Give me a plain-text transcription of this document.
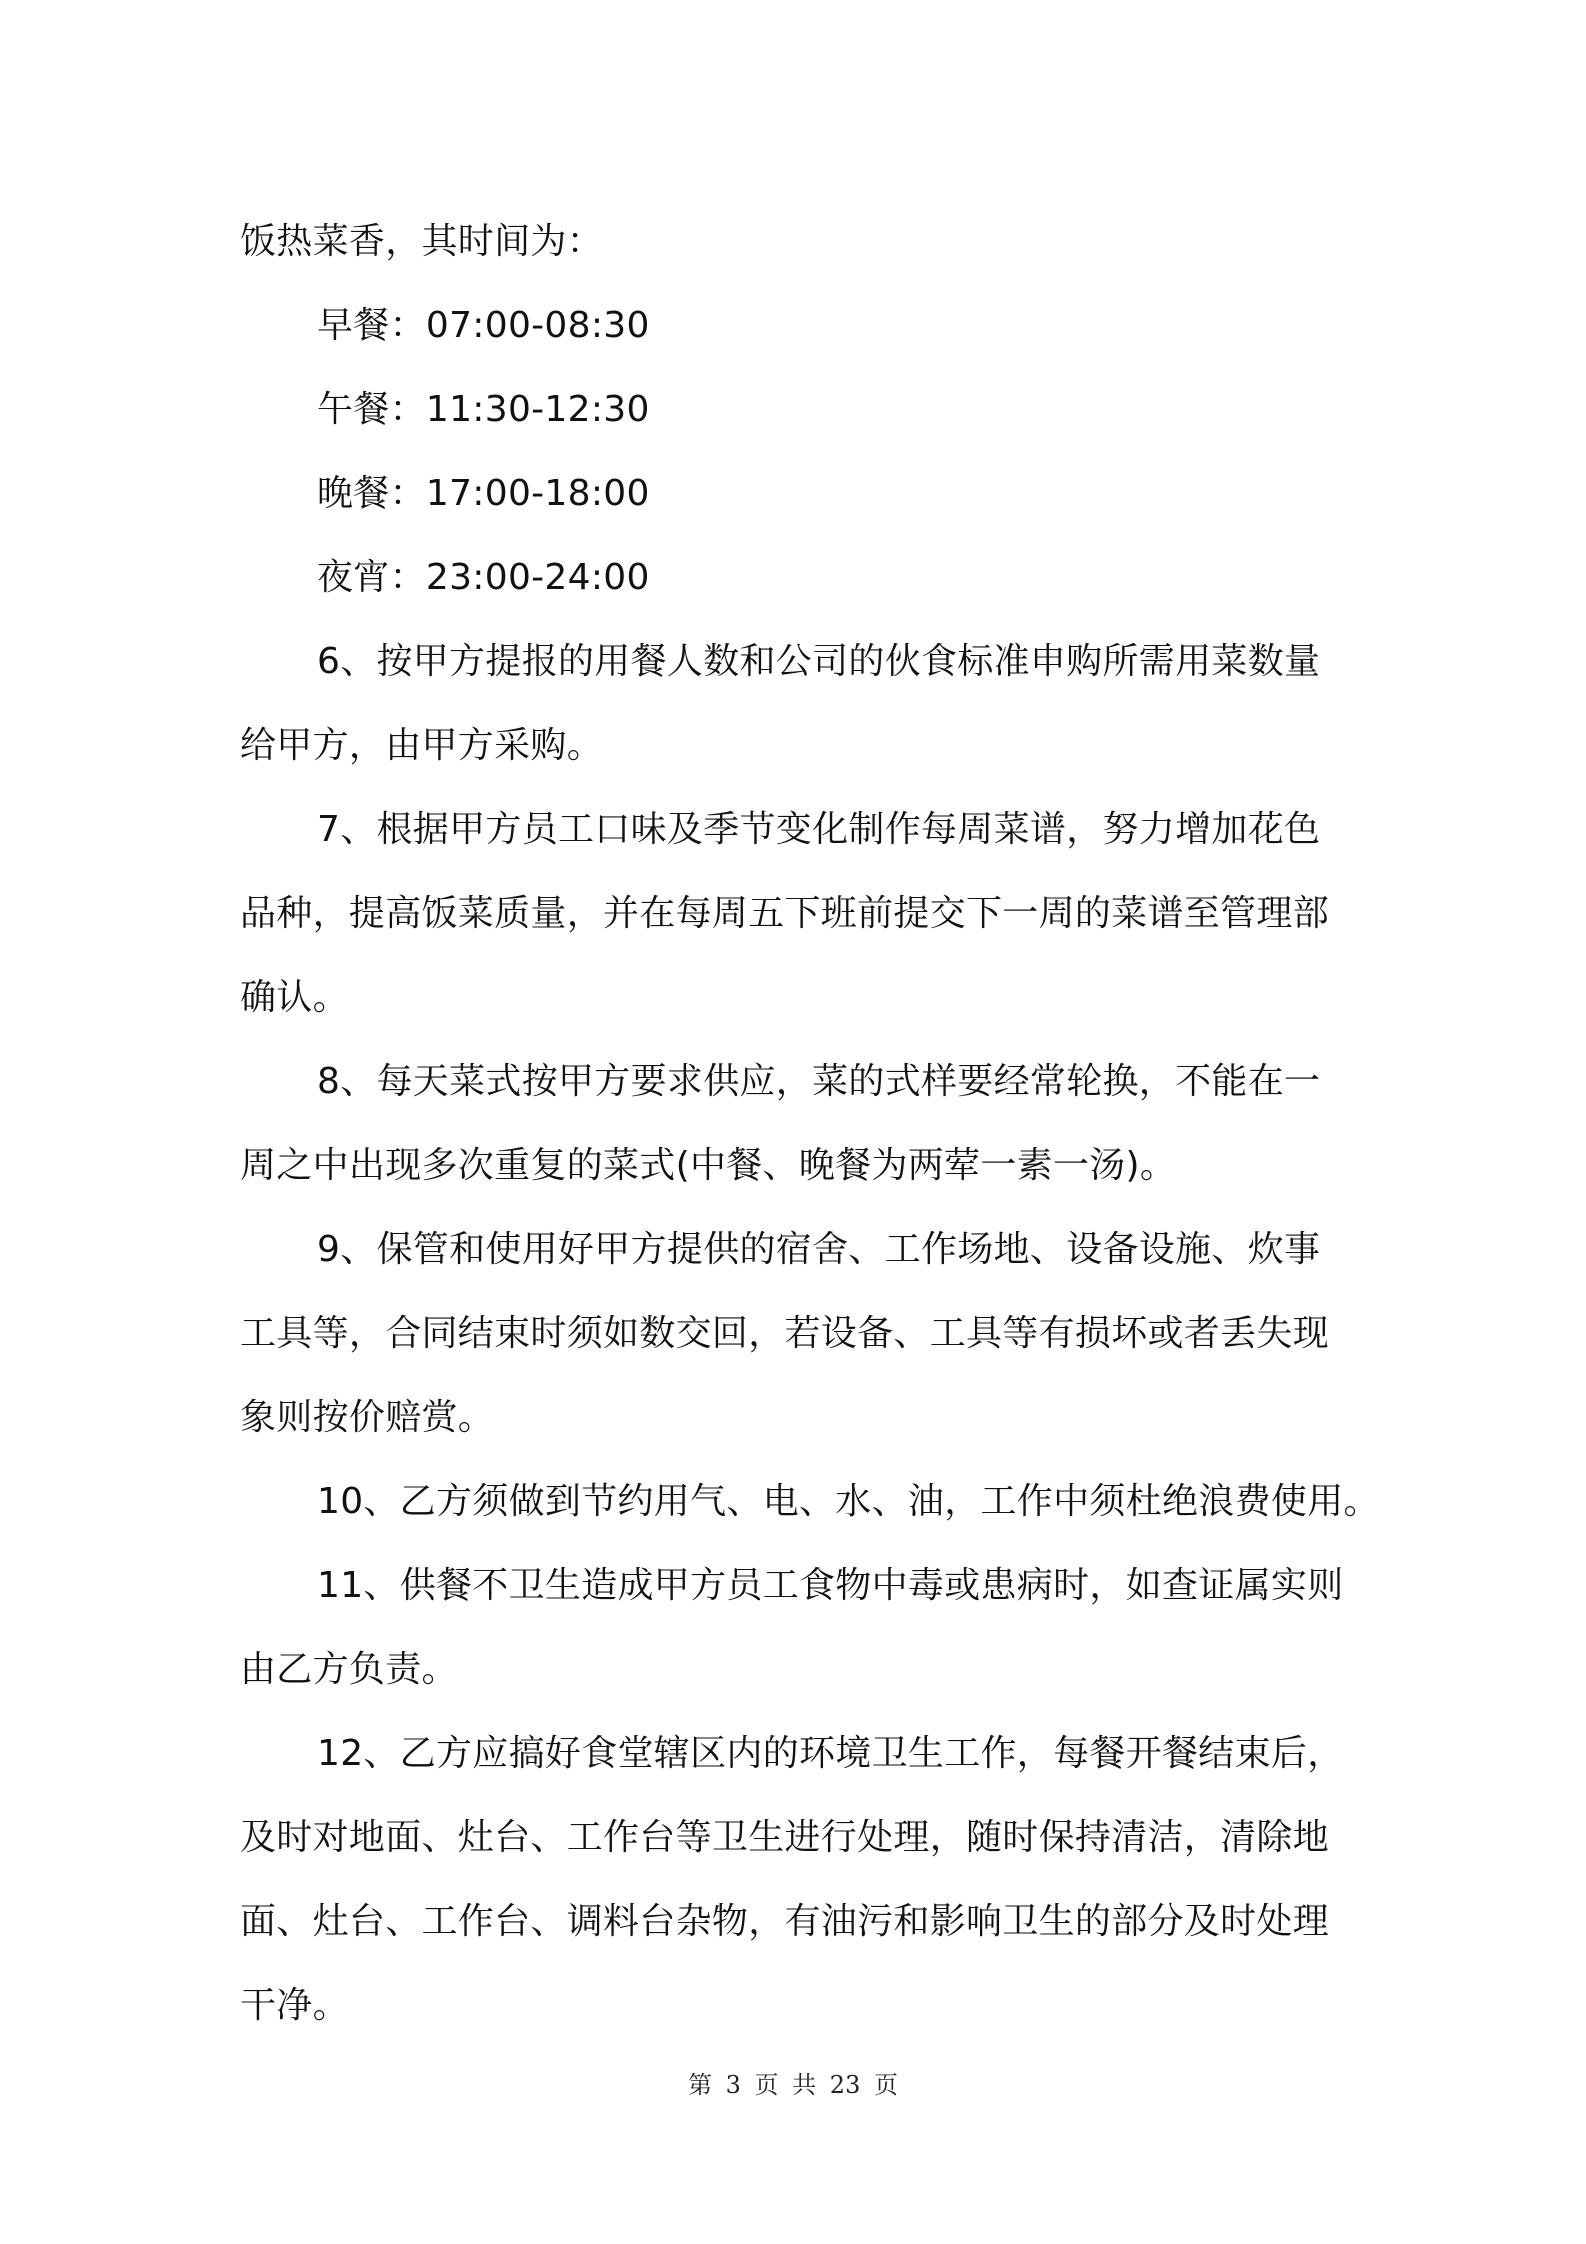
饭热菜香，其时间为：
早餐：07:00-08:30
午餐：11:30-12:30
晚餐：17:00-18:00
夜宵：23:00-24:00
6、按甲方提报的用餐人数和公司的伙食标准申购所需用菜数量
给甲方，由甲方采购。
7、根据甲方员工口味及季节变化制作每周菜谱，努力增加花色
品种，提高饭菜质量，并在每周五下班前提交下一周的菜谱至管理部
确认。
8、每天菜式按甲方要求供应，菜的式样要经常轮换，不能在一
周之中出现多次重复的菜式(中餐、晚餐为两荤一素一汤)。
9、保管和使用好甲方提供的宿舍、工作场地、设备设施、炊事
工具等，合同结束时须如数交回，若设备、工具等有损坏或者丢失现
象则按价赔赏。
10、乙方须做到节约用气、电、水、油，工作中须杜绝浪费使用。
11、供餐不卫生造成甲方员工食物中毒或患病时，如查证属实则
由乙方负责。
12、乙方应搞好食堂辖区内的环境卫生工作，每餐开餐结束后，
及时对地面、灶台、工作台等卫生进行处理，随时保持清洁，清除地
面、灶台、工作台、调料台杂物，有油污和影响卫生的部分及时处理
干净。
第 3 页 共 23 页
